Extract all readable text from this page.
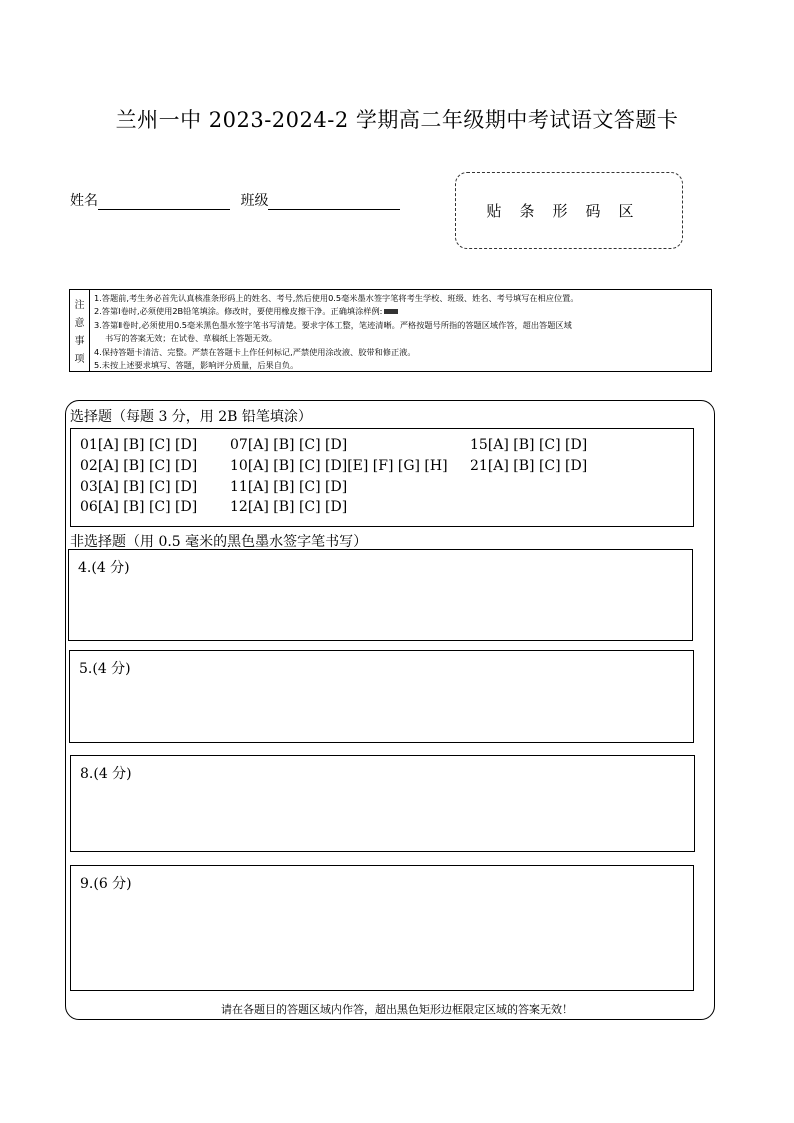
兰州一中 2023-2024-2 学期高二年级期中考试语文答题卡
姓名	班级
贴条形码区
注
意
事
项
1.答题前,考生务必首先认真核准条形码上的姓名、考号,然后使用0.5毫米墨水签字笔将考生学校、班级、姓名、考号填写在相应位置。
2.答第Ⅰ卷时,必须使用2B铅笔填涂。修改时，要使用橡皮擦干净。正确填涂样例:
3.答第Ⅱ卷时,必须使用0.5毫米黑色墨水签字笔书写清楚。要求字体工整，笔迹清晰。严格按题号所指的答题区域作答，超出答题区域
书写的答案无效；在试卷、草稿纸上答题无效。
4.保持答题卡清洁、完整。严禁在答题卡上作任何标记,严禁使用涂改液、胶带和修正液。
5.未按上述要求填写、答题，影响评分质量，后果自负。
选择题（每题 3 分，用 2B 铅笔填涂）
01[A] [B] [C] [D]
02[A] [B] [C] [D]
03[A] [B] [C] [D]
06[A] [B] [C] [D]
07[A] [B] [C] [D]
10[A] [B] [C] [D][E] [F] [G] [H]
11[A] [B] [C] [D]
12[A] [B] [C] [D]
15[A] [B] [C] [D]
21[A] [B] [C] [D]
非选择题（用 0.5 毫米的黑色墨水签字笔书写）
4.(4 分)
5.(4 分)
8.(4 分)
9.(6 分)
请在各题目的答题区域内作答，超出黑色矩形边框限定区域的答案无效！
